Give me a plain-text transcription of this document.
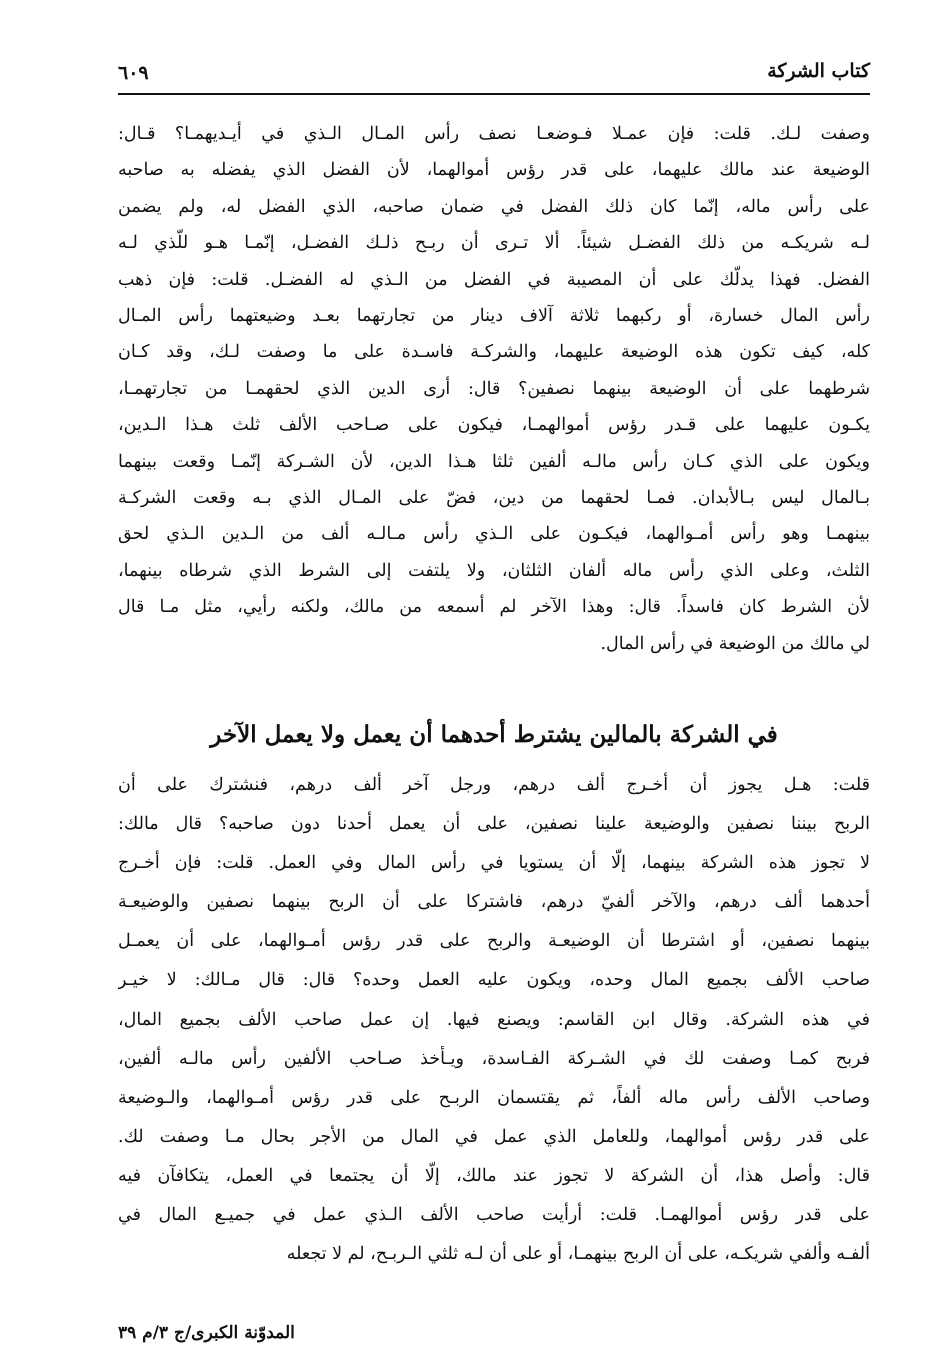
كتاب الشركة
٦٠٩
وصفت لـك. قلت: فإن عمـلا فـوضعـا نصف رأس المـال الـذي في أيـديهمـا؟ قـال:
الوضيعة عند مالك عليهما، على قدر رؤس أموالهما، لأن الفضل الذي يفضله به صاحبه
على رأس ماله، إنّما كان ذلك الفضل في ضمان صاحبه، الذي الفضل له، ولم يضمن
لـه شريكـه من ذلك الفضـل شيئاً. ألا تـرى أن ربـح ذلـك الفضـل، إنّمـا هـو للّذي لـه
الفضل. فهذا يدلّك على أن المصيبة في الفضل من الـذي له الفضـل. قلت: فإن ذهب
رأس المال خسارة، أو ركبهما ثلاثة آلاف دينار من تجارتهما بعـد وضيعتهما رأس المـال
كله، كيف تكون هذه الوضيعة عليهما، والشركـة فاسـدة على ما وصفت لـك، وقد كـان
شرطهما على أن الوضيعة بينهما نصفين؟ قال: أرى الدين الذي لحقهمـا من تجارتهمـا،
يكـون عليهما على قـدر رؤس أموالهمـا، فيكون على صـاحب الألف ثلث هـذا الـدين،
ويكون على الذي كـان رأس مالـه ألفين ثلثا هـذا الدين، لأن الشـركة إنّمـا وقعت بينهما
بـالمال ليس بـالأبدان. فمـا لحقهما من دين، فضّ على المـال الذي بـه وقعت الشركـة
بينهمـا وهو رأس أمـوالهما، فيكـون على الـذي رأس مـالـه ألف من الـدين الـذي لحق
الثلث، وعلى الذي رأس ماله ألفان الثلثان، ولا يلتفت إلى الشرط الذي شرطاه بينهما،
لأن الشرط كان فاسداً. قال: وهذا الآخر لم أسمعه من مالك، ولكنه رأيي، مثل مـا قال
لي مالك من الوضيعة في رأس المال.
في الشركة بالمالين يشترط أحدهما أن يعمل ولا يعمل الآخر
قلت: هـل يجوز أن أخـرج ألف درهم، ورجل آخر ألف درهم، فنشترك على أن
الربح بيننا نصفين والوضيعة علينا نصفين، على أن يعمل أحدنا دون صاحبه؟ قال مالك:
لا تجوز هذه الشركة بينهما، إلّا أن يستويا في رأس المال وفي العمل. قلت: فإن أخـرج
أحدهما ألف درهم، والآخر ألفيّ درهم، فاشتركا على أن الربح بينهما نصفين والوضيعـة
بينهما نصفين، أو اشترطا أن الوضيعـة والربح على قدر رؤس أمـوالهما، على أن يعمـل
صاحب الألف بجميع المال وحده، ويكون عليه العمل وحده؟ قال: قال مـالك: لا خيـر
في هذه الشركة. وقال ابن القاسم: ويصنع فيها. إن عمل صاحب الألف بجميع المال،
فربح كمـا وصفت لك في الشـركة الفـاسدة، ويـأخذ صـاحب الألفين رأس مالـه ألفين،
وصاحب الألف رأس ماله ألفاً، ثم يقتسمان الربـح على قدر رؤس أمـوالهما، والـوضيعة
على قدر رؤس أموالهما، وللعامل الذي عمل في المال من الأجر بحال مـا وصفت لك.
قال: وأصل هذا، أن الشركة لا تجوز عند مالك، إلّا أن يجتمعا في العمل، يتكافآن فيه
على قدر رؤس أموالهمـا. قلت: أرأيت صاحب الألف الـذي عمل في جميـع المال في
ألفـه وألفي شريكـه، على أن الربح بينهمـا، أو على أن لـه ثلثي الـربـح، لم لا تجعله
المدوّنة الكبرى/ج ٣/م ٣٩
